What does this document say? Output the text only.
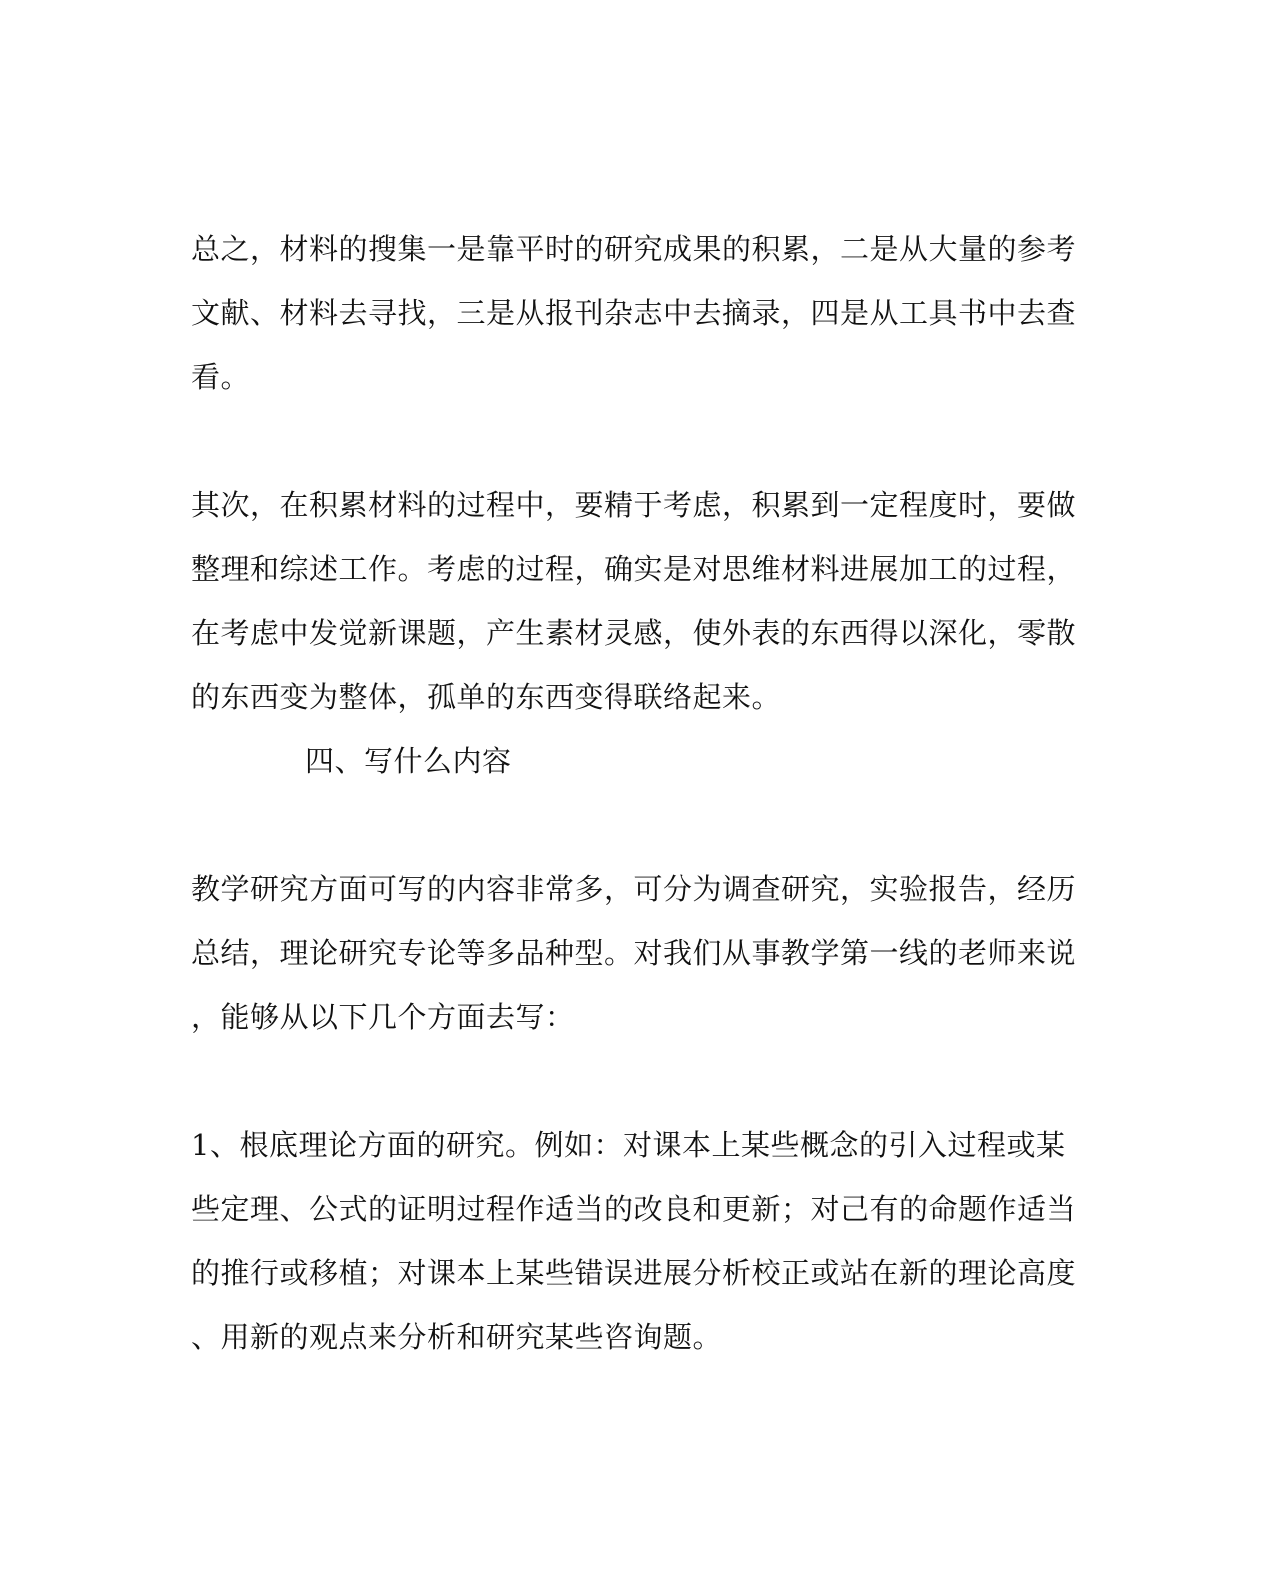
总之，材料的搜集一是靠平时的研究成果的积累，二是从大量的参考
文献、材料去寻找，三是从报刊杂志中去摘录，四是从工具书中去查
看。
其次，在积累材料的过程中，要精于考虑，积累到一定程度时，要做
整理和综述工作。考虑的过程，确实是对思维材料进展加工的过程，
在考虑中发觉新课题，产生素材灵感，使外表的东西得以深化，零散
的东西变为整体，孤单的东西变得联络起来。
四、写什么内容
教学研究方面可写的内容非常多，可分为调查研究，实验报告，经历
总结，理论研究专论等多品种型。对我们从事教学第一线的老师来说
，能够从以下几个方面去写：
1、根底理论方面的研究。例如：对课本上某些概念的引入过程或某
些定理、公式的证明过程作适当的改良和更新；对己有的命题作适当
的推行或移植；对课本上某些错误进展分析校正或站在新的理论高度
、用新的观点来分析和研究某些咨询题。
